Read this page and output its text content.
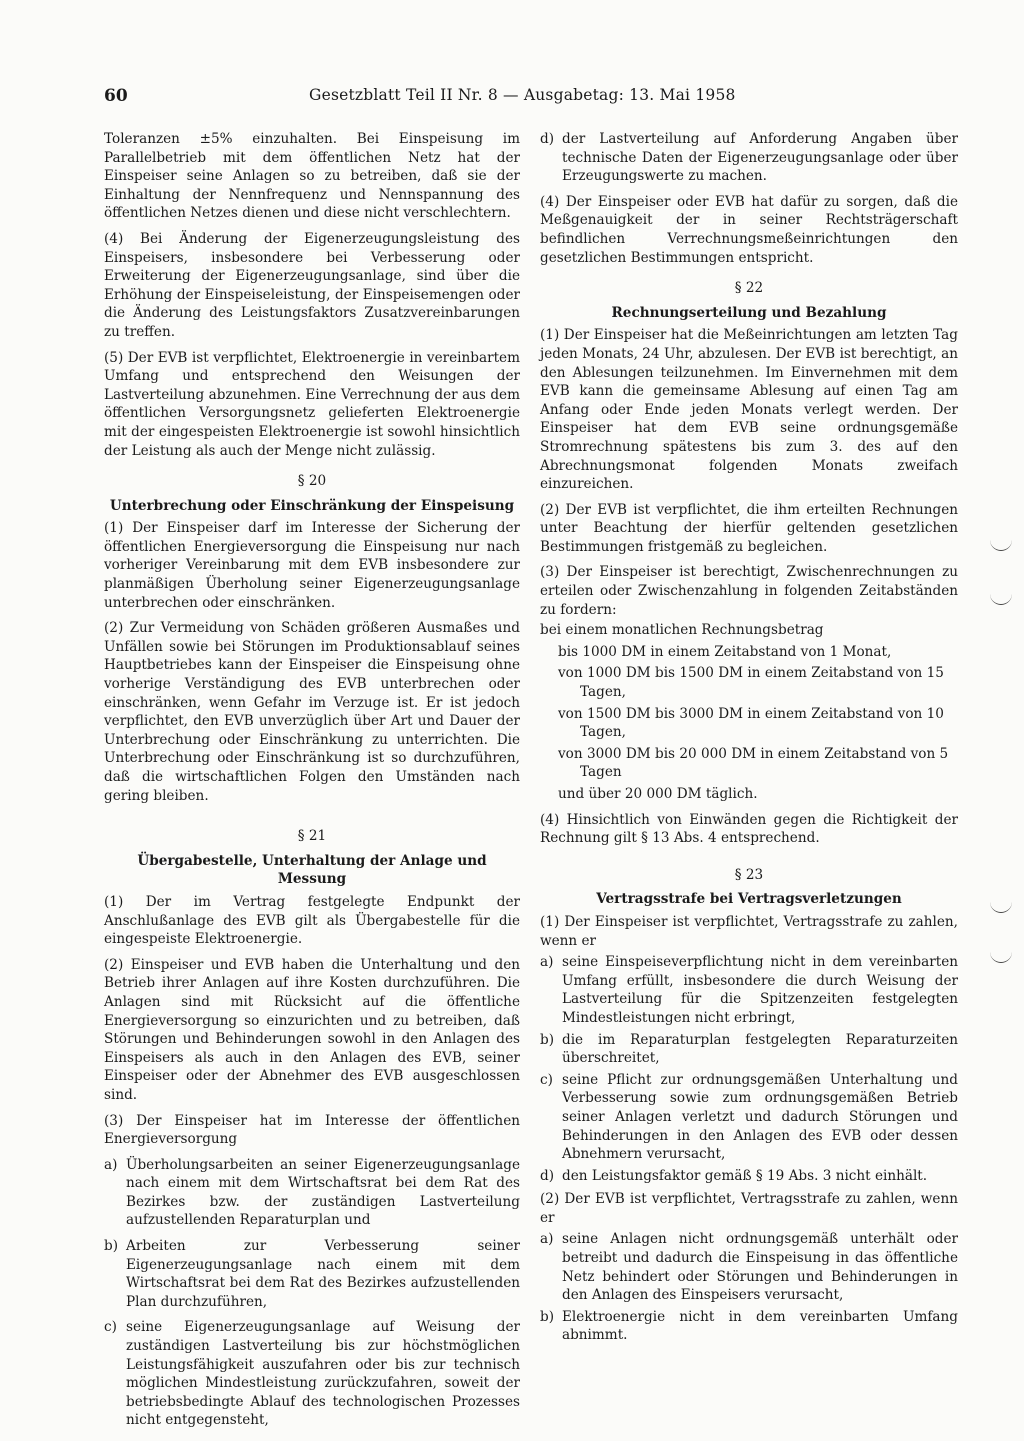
60	Gesetzblatt Teil II Nr. 8 — Ausgabetag: 13. Mai 1958

Toleranzen ±5% einzuhalten. Bei Einspeisung im Parallelbetrieb mit dem öffentlichen Netz hat der Einspeiser seine Anlagen so zu betreiben, daß sie der Einhaltung der Nennfrequenz und Nennspannung des öffentlichen Netzes dienen und diese nicht verschlechtern.

(4) Bei Änderung der Eigenerzeugungsleistung des Einspeisers, insbesondere bei Verbesserung oder Erweiterung der Eigenerzeugungsanlage, sind über die Erhöhung der Einspeiseleistung, der Einspeisemengen oder die Änderung des Leistungsfaktors Zusatzvereinbarungen zu treffen.

(5) Der EVB ist verpflichtet, Elektroenergie in vereinbartem Umfang und entsprechend den Weisungen der Lastverteilung abzunehmen. Eine Verrechnung der aus dem öffentlichen Versorgungsnetz gelieferten Elektroenergie mit der eingespeisten Elektroenergie ist sowohl hinsichtlich der Leistung als auch der Menge nicht zulässig.

§ 20
Unterbrechung oder Einschränkung der Einspeisung

(1) Der Einspeiser darf im Interesse der Sicherung der öffentlichen Energieversorgung die Einspeisung nur nach vorheriger Vereinbarung mit dem EVB insbesondere zur planmäßigen Überholung seiner Eigenerzeugungsanlage unterbrechen oder einschränken.

(2) Zur Vermeidung von Schäden größeren Ausmaßes und Unfällen sowie bei Störungen im Produktionsablauf seines Hauptbetriebes kann der Einspeiser die Einspeisung ohne vorherige Verständigung des EVB unterbrechen oder einschränken, wenn Gefahr im Verzuge ist. Er ist jedoch verpflichtet, den EVB unverzüglich über Art und Dauer der Unterbrechung oder Einschränkung zu unterrichten. Die Unterbrechung oder Einschränkung ist so durchzuführen, daß die wirtschaftlichen Folgen den Umständen nach gering bleiben.

§ 21
Übergabestelle, Unterhaltung der Anlage und Messung

(1) Der im Vertrag festgelegte Endpunkt der Anschlußanlage des EVB gilt als Übergabestelle für die eingespeiste Elektroenergie.

(2) Einspeiser und EVB haben die Unterhaltung und den Betrieb ihrer Anlagen auf ihre Kosten durchzuführen. Die Anlagen sind mit Rücksicht auf die öffentliche Energieversorgung so einzurichten und zu betreiben, daß Störungen und Behinderungen sowohl in den Anlagen des Einspeisers als auch in den Anlagen des EVB, seiner Einspeiser oder der Abnehmer des EVB ausgeschlossen sind.

(3) Der Einspeiser hat im Interesse der öffentlichen Energieversorgung

a) Überholungsarbeiten an seiner Eigenerzeugungsanlage nach einem mit dem Wirtschaftsrat bei dem Rat des Bezirkes bzw. der zuständigen Lastverteilung aufzustellenden Reparaturplan und
b) Arbeiten zur Verbesserung seiner Eigenerzeugungsanlage nach einem mit dem Wirtschaftsrat bei dem Rat des Bezirkes aufzustellenden Plan durchzuführen,
c) seine Eigenerzeugungsanlage auf Weisung der zuständigen Lastverteilung bis zur höchstmöglichen Leistungsfähigkeit auszufahren oder bis zur technisch möglichen Mindestleistung zurückzufahren, soweit der betriebsbedingte Ablauf des technologischen Prozesses nicht entgegensteht,
d) der Lastverteilung auf Anforderung Angaben über technische Daten der Eigenerzeugungsanlage oder über Erzeugungswerte zu machen.

(4) Der Einspeiser oder EVB hat dafür zu sorgen, daß die Meßgenauigkeit der in seiner Rechtsträgerschaft befindlichen Verrechnungsmeßeinrichtungen den gesetzlichen Bestimmungen entspricht.

§ 22
Rechnungserteilung und Bezahlung

(1) Der Einspeiser hat die Meßeinrichtungen am letzten Tag jeden Monats, 24 Uhr, abzulesen. Der EVB ist berechtigt, an den Ablesungen teilzunehmen. Im Einvernehmen mit dem EVB kann die gemeinsame Ablesung auf einen Tag am Anfang oder Ende jeden Monats verlegt werden. Der Einspeiser hat dem EVB seine ordnungsgemäße Stromrechnung spätestens bis zum 3. des auf den Abrechnungsmonat folgenden Monats zweifach einzureichen.

(2) Der EVB ist verpflichtet, die ihm erteilten Rechnungen unter Beachtung der hierfür geltenden gesetzlichen Bestimmungen fristgemäß zu begleichen.

(3) Der Einspeiser ist berechtigt, Zwischenrechnungen zu erteilen oder Zwischenzahlung in folgenden Zeitabständen zu fordern:

bei einem monatlichen Rechnungsbetrag
bis 1000 DM in einem Zeitabstand von 1 Monat,
von 1000 DM bis 1500 DM in einem Zeitabstand von 15 Tagen,
von 1500 DM bis 3000 DM in einem Zeitabstand von 10 Tagen,
von 3000 DM bis 20 000 DM in einem Zeitabstand von 5 Tagen
und über 20 000 DM täglich.

(4) Hinsichtlich von Einwänden gegen die Richtigkeit der Rechnung gilt § 13 Abs. 4 entsprechend.

§ 23
Vertragsstrafe bei Vertragsverletzungen

(1) Der Einspeiser ist verpflichtet, Vertragsstrafe zu zahlen, wenn er

a) seine Einspeiseverpflichtung nicht in dem vereinbarten Umfang erfüllt, insbesondere die durch Weisung der Lastverteilung für die Spitzenzeiten festgelegten Mindestleistungen nicht erbringt,
b) die im Reparaturplan festgelegten Reparaturzeiten überschreitet,
c) seine Pflicht zur ordnungsgemäßen Unterhaltung und Verbesserung sowie zum ordnungsgemäßen Betrieb seiner Anlagen verletzt und dadurch Störungen und Behinderungen in den Anlagen des EVB oder dessen Abnehmern verursacht,
d) den Leistungsfaktor gemäß § 19 Abs. 3 nicht einhält.

(2) Der EVB ist verpflichtet, Vertragsstrafe zu zahlen, wenn er

a) seine Anlagen nicht ordnungsgemäß unterhält oder betreibt und dadurch die Einspeisung in das öffentliche Netz behindert oder Störungen und Behinderungen in den Anlagen des Einspeisers verursacht,
b) Elektroenergie nicht in dem vereinbarten Umfang abnimmt.
